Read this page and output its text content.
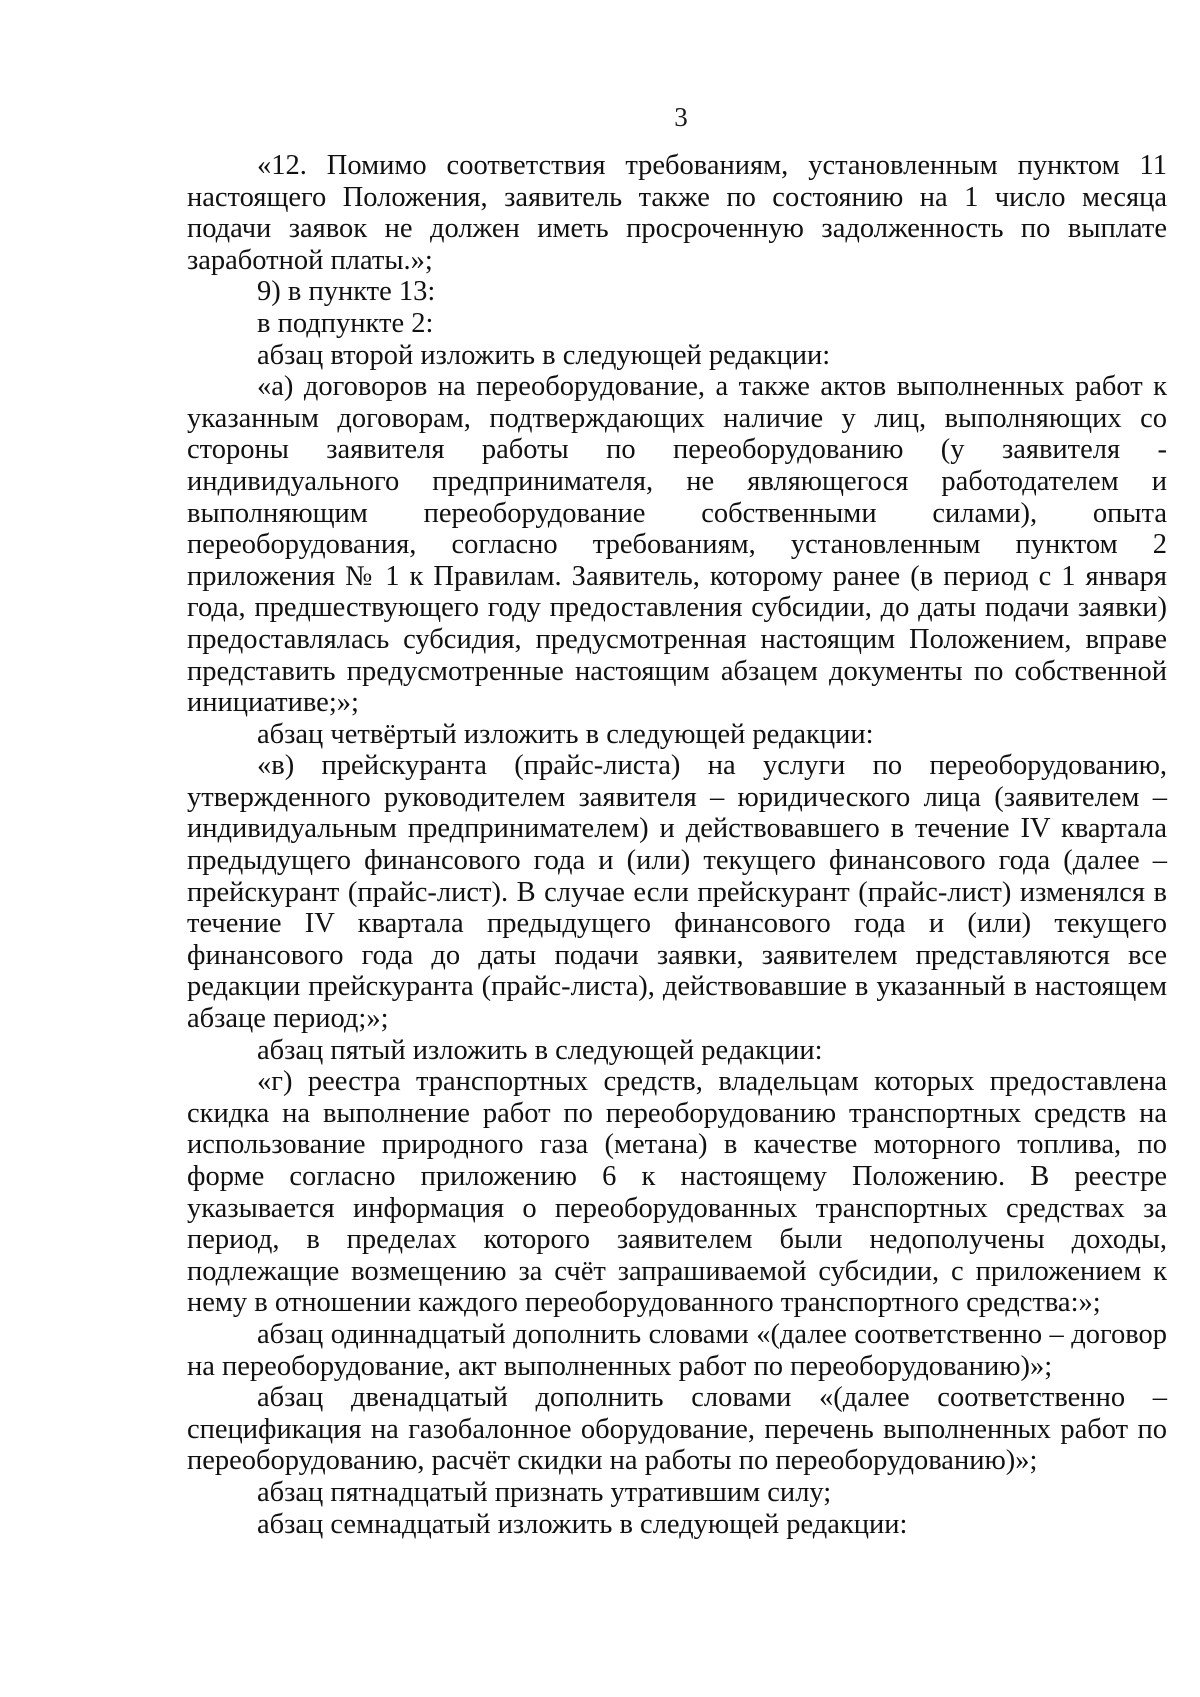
3

«12. Помимо соответствия требованиям, установленным пунктом 11 настоящего Положения, заявитель также по состоянию на 1 число месяца подачи заявок не должен иметь просроченную задолженность по выплате заработной платы.»;

9) в пункте 13:

в подпункте 2:

абзац второй изложить в следующей редакции:

«а) договоров на переоборудование, а также актов выполненных работ к указанным договорам, подтверждающих наличие у лиц, выполняющих со стороны заявителя работы по переоборудованию (у заявителя - индивидуального предпринимателя, не являющегося работодателем и выполняющим переоборудование собственными силами), опыта переоборудования, согласно требованиям, установленным пунктом 2 приложения № 1 к Правилам. Заявитель, которому ранее (в период с 1 января года, предшествующего году предоставления субсидии, до даты подачи заявки) предоставлялась субсидия, предусмотренная настоящим Положением, вправе представить предусмотренные настоящим абзацем документы по собственной инициативе;»;

абзац четвёртый изложить в следующей редакции:

«в) прейскуранта (прайс-листа) на услуги по переоборудованию, утвержденного руководителем заявителя – юридического лица (заявителем – индивидуальным предпринимателем) и действовавшего в течение IV квартала предыдущего финансового года и (или) текущего финансового года (далее – прейскурант (прайс-лист). В случае если прейскурант (прайс-лист) изменялся в течение IV квартала предыдущего финансового года и (или) текущего финансового года до даты подачи заявки, заявителем представляются все редакции прейскуранта (прайс-листа), действовавшие в указанный в настоящем абзаце период;»;

абзац пятый изложить в следующей редакции:

«г) реестра транспортных средств, владельцам которых предоставлена скидка на выполнение работ по переоборудованию транспортных средств на использование природного газа (метана) в качестве моторного топлива, по форме согласно приложению 6 к настоящему Положению. В реестре указывается информация о переоборудованных транспортных средствах за период, в пределах которого заявителем были недополучены доходы, подлежащие возмещению за счёт запрашиваемой субсидии, с приложением к нему в отношении каждого переоборудованного транспортного средства:»;

абзац одиннадцатый дополнить словами «(далее соответственно – договор на переоборудование, акт выполненных работ по переоборудованию)»;

абзац двенадцатый дополнить словами «(далее соответственно – спецификация на газобалонное оборудование, перечень выполненных работ по переоборудованию, расчёт скидки на работы по переоборудованию)»;

абзац пятнадцатый признать утратившим силу;

абзац семнадцатый изложить в следующей редакции:
